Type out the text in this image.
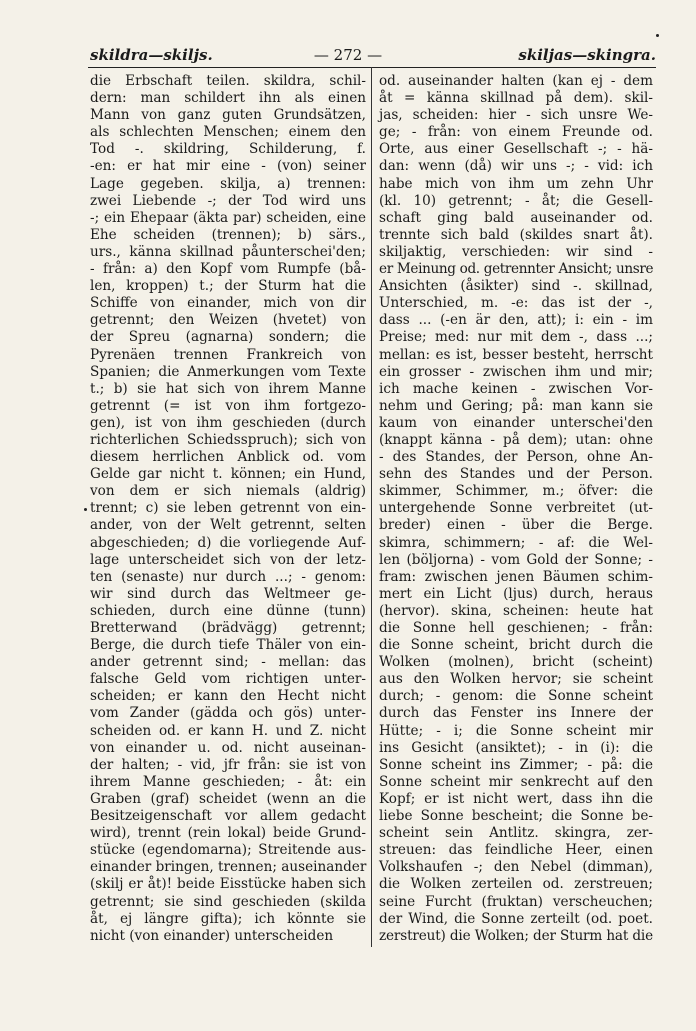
skildra—skiljs.	— 272 —	skiljas—skingra.
die Erbschaft teilen. skildra, schil-
dern: man schildert ihn als einen
Mann von ganz guten Grundsätzen,
als schlechten Menschen; einem den
Tod -. skildring, Schilderung, f.
-en: er hat mir eine - (von) seiner
Lage gegeben. skilja, a) trennen:
zwei Liebende -; der Tod wird uns
-; ein Ehepaar (äkta par) scheiden, eine
Ehe scheiden (trennen); b) särs.,
urs., känna skillnad påunterschei'den;
- från: a) den Kopf vom Rumpfe (bå-
len, kroppen) t.; der Sturm hat die
Schiffe von einander, mich von dir
getrennt; den Weizen (hvetet) von
der Spreu (agnarna) sondern; die
Pyrenäen trennen Frankreich von
Spanien; die Anmerkungen vom Texte
t.; b) sie hat sich von ihrem Manne
getrennt (= ist von ihm fortgezo-
gen), ist von ihm geschieden (durch
richterlichen Schiedsspruch); sich von
diesem herrlichen Anblick od. vom
Gelde gar nicht t. können; ein Hund,
von dem er sich niemals (aldrig)
trennt; c) sie leben getrennt von ein-
ander, von der Welt getrennt, selten
abgeschieden; d) die vorliegende Auf-
lage unterscheidet sich von der letz-
ten (senaste) nur durch ...; - genom:
wir sind durch das Weltmeer ge-
schieden, durch eine dünne (tunn)
Bretterwand (brädvägg) getrennt;
Berge, die durch tiefe Thäler von ein-
ander getrennt sind; - mellan: das
falsche Geld vom richtigen unter-
scheiden; er kann den Hecht nicht
vom Zander (gädda och gös) unter-
scheiden od. er kann H. und Z. nicht
von einander u. od. nicht auseinan-
der halten; - vid, jfr från: sie ist von
ihrem Manne geschieden; - åt: ein
Graben (graf) scheidet (wenn an die
Besitzeigenschaft vor allem gedacht
wird), trennt (rein lokal) beide Grund-
stücke (egendomarna); Streitende aus-
einander bringen, trennen; auseinander
(skilj er åt)! beide Eisstücke haben sich
getrennt; sie sind geschieden (skilda
åt, ej längre gifta); ich könnte sie
nicht (von einander) unterscheiden
od. auseinander halten (kan ej - dem
åt = känna skillnad på dem). skil-
jas, scheiden: hier - sich unsre We-
ge; - från: von einem Freunde od.
Orte, aus einer Gesellschaft -; - hä-
dan: wenn (då) wir uns -; - vid: ich
habe mich von ihm um zehn Uhr
(kl. 10) getrennt; - åt; die Gesell-
schaft ging bald auseinander od.
trennte sich bald (skildes snart åt).
skiljaktig, verschieden: wir sind -
er Meinung od. getrennter Ansicht; unsre
Ansichten (åsikter) sind -. skillnad,
Unterschied, m. -e: das ist der -,
dass ... (-en är den, att); i: ein - im
Preise; med: nur mit dem -, dass ...;
mellan: es ist, besser besteht, herrscht
ein grosser - zwischen ihm und mir;
ich mache keinen - zwischen Vor-
nehm und Gering; på: man kann sie
kaum von einander unterschei'den
(knappt känna - på dem); utan: ohne
- des Standes, der Person, ohne An-
sehn des Standes und der Person.
skimmer, Schimmer, m.; öfver: die
untergehende Sonne verbreitet (ut-
breder) einen - über die Berge.
skimra, schimmern; - af: die Wel-
len (böljorna) - vom Gold der Sonne; -
fram: zwischen jenen Bäumen schim-
mert ein Licht (ljus) durch, heraus
(hervor). skina, scheinen: heute hat
die Sonne hell geschienen; - från:
die Sonne scheint, bricht durch die
Wolken (molnen), bricht (scheint)
aus den Wolken hervor; sie scheint
durch; - genom: die Sonne scheint
durch das Fenster ins Innere der
Hütte; - i; die Sonne scheint mir
ins Gesicht (ansiktet); - in (i): die
Sonne scheint ins Zimmer; - på: die
Sonne scheint mir senkrecht auf den
Kopf; er ist nicht wert, dass ihn die
liebe Sonne bescheint; die Sonne be-
scheint sein Antlitz. skingra, zer-
streuen: das feindliche Heer, einen
Volkshaufen -; den Nebel (dimman),
die Wolken zerteilen od. zerstreuen;
seine Furcht (fruktan) verscheuchen;
der Wind, die Sonne zerteilt (od. poet.
zerstreut) die Wolken; der Sturm hat die
